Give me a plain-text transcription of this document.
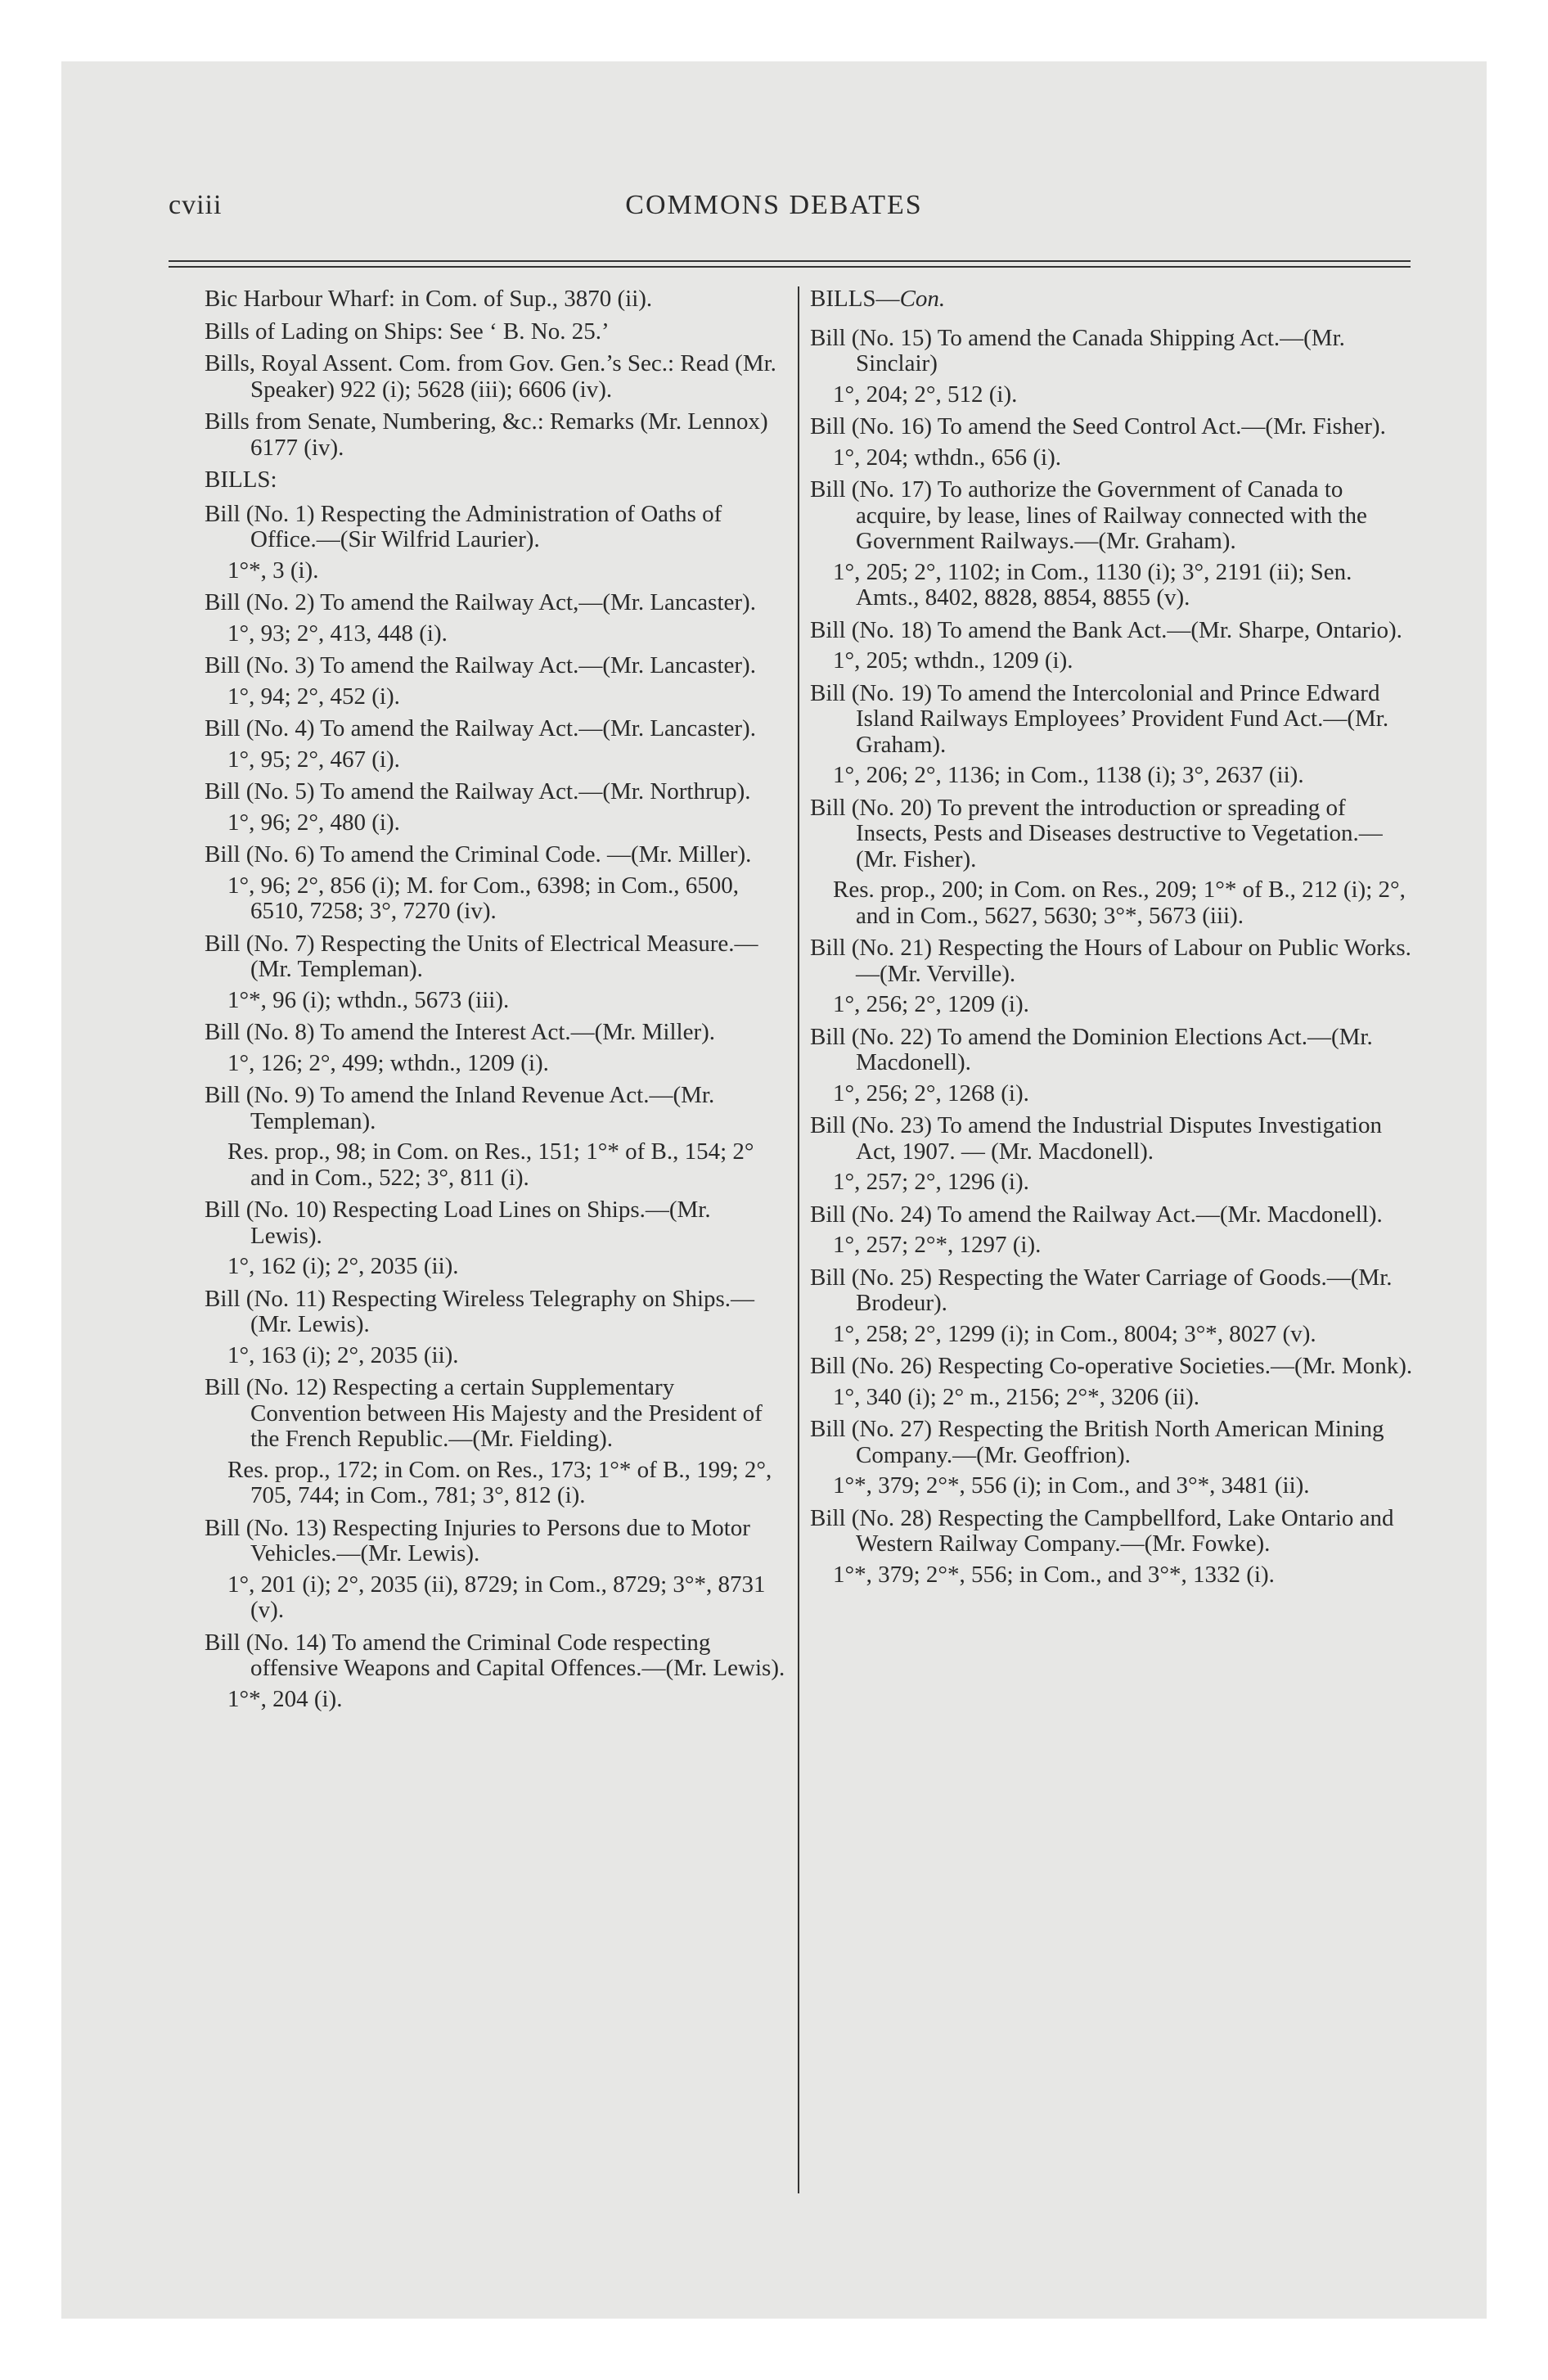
cviii	COMMONS DEBATES

Bic Harbour Wharf: in Com. of Sup., 3870 (ii).

Bills of Lading on Ships: See ‘ B. No. 25.’

Bills, Royal Assent. Com. from Gov. Gen.’s Sec.: Read (Mr. Speaker) 922 (i); 5628 (iii); 6606 (iv).

Bills from Senate, Numbering, &c.: Remarks (Mr. Lennox) 6177 (iv).

BILLS:

Bill (No. 1) Respecting the Administration of Oaths of Office.—(Sir Wilfrid Laurier).

1°*, 3 (i).

Bill (No. 2) To amend the Railway Act,—(Mr. Lancaster).

1°, 93; 2°, 413, 448 (i).

Bill (No. 3) To amend the Railway Act.—(Mr. Lancaster).

1°, 94; 2°, 452 (i).

Bill (No. 4) To amend the Railway Act.—(Mr. Lancaster).

1°, 95; 2°, 467 (i).

Bill (No. 5) To amend the Railway Act.—(Mr. Northrup).

1°, 96; 2°, 480 (i).

Bill (No. 6) To amend the Criminal Code. —(Mr. Miller).

1°, 96; 2°, 856 (i); M. for Com., 6398; in Com., 6500, 6510, 7258; 3°, 7270 (iv).

Bill (No. 7) Respecting the Units of Electrical Measure.—(Mr. Templeman).

1°*, 96 (i); wthdn., 5673 (iii).

Bill (No. 8) To amend the Interest Act.—(Mr. Miller).

1°, 126; 2°, 499; wthdn., 1209 (i).

Bill (No. 9) To amend the Inland Revenue Act.—(Mr. Templeman).

Res. prop., 98; in Com. on Res., 151; 1°* of B., 154; 2° and in Com., 522; 3°, 811 (i).

Bill (No. 10) Respecting Load Lines on Ships.—(Mr. Lewis).

1°, 162 (i); 2°, 2035 (ii).

Bill (No. 11) Respecting Wireless Telegraphy on Ships.—(Mr. Lewis).

1°, 163 (i); 2°, 2035 (ii).

Bill (No. 12) Respecting a certain Supplementary Convention between His Majesty and the President of the French Republic.—(Mr. Fielding).

Res. prop., 172; in Com. on Res., 173; 1°* of B., 199; 2°, 705, 744; in Com., 781; 3°, 812 (i).

Bill (No. 13) Respecting Injuries to Persons due to Motor Vehicles.—(Mr. Lewis).

1°, 201 (i); 2°, 2035 (ii), 8729; in Com., 8729; 3°*, 8731 (v).

Bill (No. 14) To amend the Criminal Code respecting offensive Weapons and Capital Offences.—(Mr. Lewis).

1°*, 204 (i).

BILLS—Con.

Bill (No. 15) To amend the Canada Shipping Act.—(Mr. Sinclair)

1°, 204; 2°, 512 (i).

Bill (No. 16) To amend the Seed Control Act.—(Mr. Fisher).

1°, 204; wthdn., 656 (i).

Bill (No. 17) To authorize the Government of Canada to acquire, by lease, lines of Railway connected with the Government Railways.—(Mr. Graham).

1°, 205; 2°, 1102; in Com., 1130 (i); 3°, 2191 (ii); Sen. Amts., 8402, 8828, 8854, 8855 (v).

Bill (No. 18) To amend the Bank Act.—(Mr. Sharpe, Ontario).

1°, 205; wthdn., 1209 (i).

Bill (No. 19) To amend the Intercolonial and Prince Edward Island Railways Employees’ Provident Fund Act.—(Mr. Graham).

1°, 206; 2°, 1136; in Com., 1138 (i); 3°, 2637 (ii).

Bill (No. 20) To prevent the introduction or spreading of Insects, Pests and Diseases destructive to Vegetation.—(Mr. Fisher).

Res. prop., 200; in Com. on Res., 209; 1°* of B., 212 (i); 2°, and in Com., 5627, 5630; 3°*, 5673 (iii).

Bill (No. 21) Respecting the Hours of Labour on Public Works.—(Mr. Verville).

1°, 256; 2°, 1209 (i).

Bill (No. 22) To amend the Dominion Elections Act.—(Mr. Macdonell).

1°, 256; 2°, 1268 (i).

Bill (No. 23) To amend the Industrial Disputes Investigation Act, 1907. — (Mr. Macdonell).

1°, 257; 2°, 1296 (i).

Bill (No. 24) To amend the Railway Act.—(Mr. Macdonell).

1°, 257; 2°*, 1297 (i).

Bill (No. 25) Respecting the Water Carriage of Goods.—(Mr. Brodeur).

1°, 258; 2°, 1299 (i); in Com., 8004; 3°*, 8027 (v).

Bill (No. 26) Respecting Co-operative Societies.—(Mr. Monk).

1°, 340 (i); 2° m., 2156; 2°*, 3206 (ii).

Bill (No. 27) Respecting the British North American Mining Company.—(Mr. Geoffrion).

1°*, 379; 2°*, 556 (i); in Com., and 3°*, 3481 (ii).

Bill (No. 28) Respecting the Campbellford, Lake Ontario and Western Railway Company.—(Mr. Fowke).

1°*, 379; 2°*, 556; in Com., and 3°*, 1332 (i).
